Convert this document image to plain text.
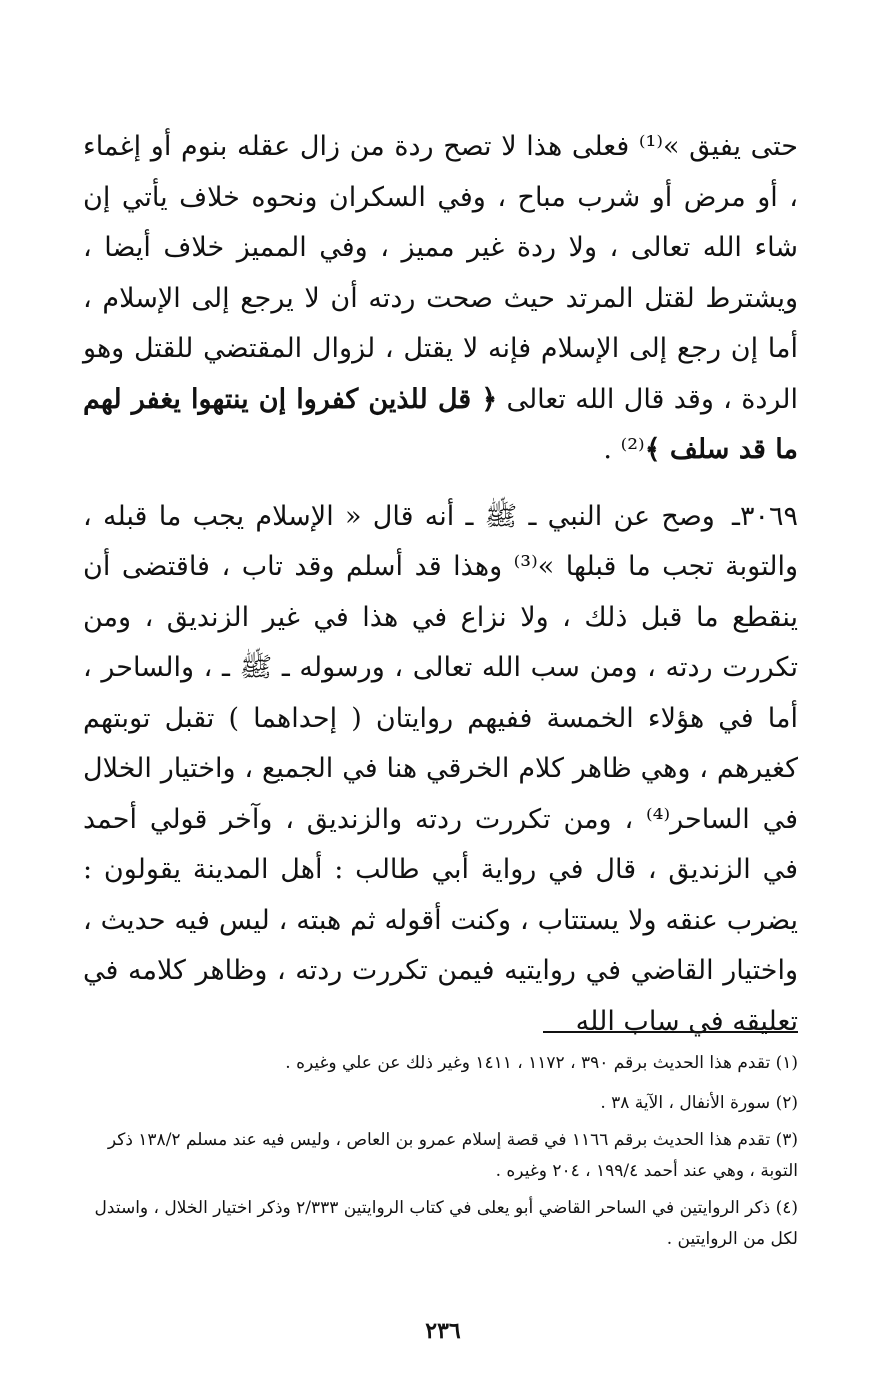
حتى يفيق »⁽¹⁾ فعلى هذا لا تصح ردة من زال عقله بنوم أو إغماء ، أو مرض أو شرب مباح ، وفي السكران ونحوه خلاف يأتي إن شاء الله تعالى ، ولا ردة غير مميز ، وفي المميز خلاف أيضا ، ويشترط لقتل المرتد حيث صحت ردته أن لا يرجع إلى الإسلام ، أما إن رجع إلى الإسلام فإنه لا يقتل ، لزوال المقتضي للقتل وهو الردة ، وقد قال الله تعالى ﴿ قل للذين كفروا إن ينتهوا يغفر لهم ما قد سلف ﴾⁽²⁾ .

٣٠٦٩ـ وصح عن النبي ـ ﷺ ـ أنه قال « الإسلام يجب ما قبله ، والتوبة تجب ما قبلها »⁽³⁾ وهذا قد أسلم وقد تاب ، فاقتضى أن ينقطع ما قبل ذلك ، ولا نزاع في هذا في غير الزنديق ، ومن تكررت ردته ، ومن سب الله تعالى ، ورسوله ـ ﷺ ـ ، والساحر ، أما في هؤلاء الخمسة ففيهم روايتان ( إحداهما ) تقبل توبتهم كغيرهم ، وهي ظاهر كلام الخرقي هنا في الجميع ، واختيار الخلال في الساحر⁽⁴⁾ ، ومن تكررت ردته والزنديق ، وآخر قولي أحمد في الزنديق ، قال في رواية أبي طالب : أهل المدينة يقولون : يضرب عنقه ولا يستتاب ، وكنت أقوله ثم هبته ، ليس فيه حديث ، واختيار القاضي في روايتيه فيمن تكررت ردته ، وظاهر كلامه في تعليقه في ساب الله

(١) تقدم هذا الحديث برقم ٣٩٠ ، ١١٧٢ ، ١٤١١ وغير ذلك عن علي وغيره .

(٢) سورة الأنفال ، الآية ٣٨ .

(٣) تقدم هذا الحديث برقم ١١٦٦ في قصة إسلام عمرو بن العاص ، وليس فيه عند مسلم ١٣٨/٢ ذكر التوبة ، وهي عند أحمد ١٩٩/٤ ، ٢٠٤ وغيره .

(٤) ذكر الروايتين في الساحر القاضي أبو يعلى في كتاب الروايتين ٢/٣٣٣ وذكر اختيار الخلال ، واستدل لكل من الروايتين .

٢٣٦
